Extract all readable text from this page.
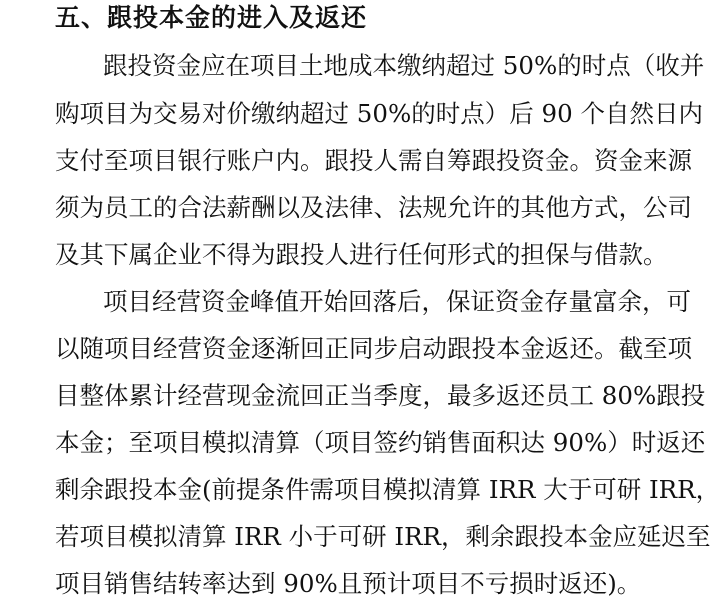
五、跟投本金的进入及返还
跟投资金应在项目土地成本缴纳超过 50%的时点（收并
购项目为交易对价缴纳超过 50%的时点）后 90 个自然日内
支付至项目银行账户内。跟投人需自筹跟投资金。资金来源
须为员工的合法薪酬以及法律、法规允许的其他方式，公司
及其下属企业不得为跟投人进行任何形式的担保与借款。
项目经营资金峰值开始回落后，保证资金存量富余，可
以随项目经营资金逐渐回正同步启动跟投本金返还。截至项
目整体累计经营现金流回正当季度，最多返还员工 80%跟投
本金；至项目模拟清算（项目签约销售面积达 90%）时返还
剩余跟投本金(前提条件需项目模拟清算 IRR 大于可研 IRR，
若项目模拟清算 IRR 小于可研 IRR，剩余跟投本金应延迟至
项目销售结转率达到 90%且预计项目不亏损时返还)。
